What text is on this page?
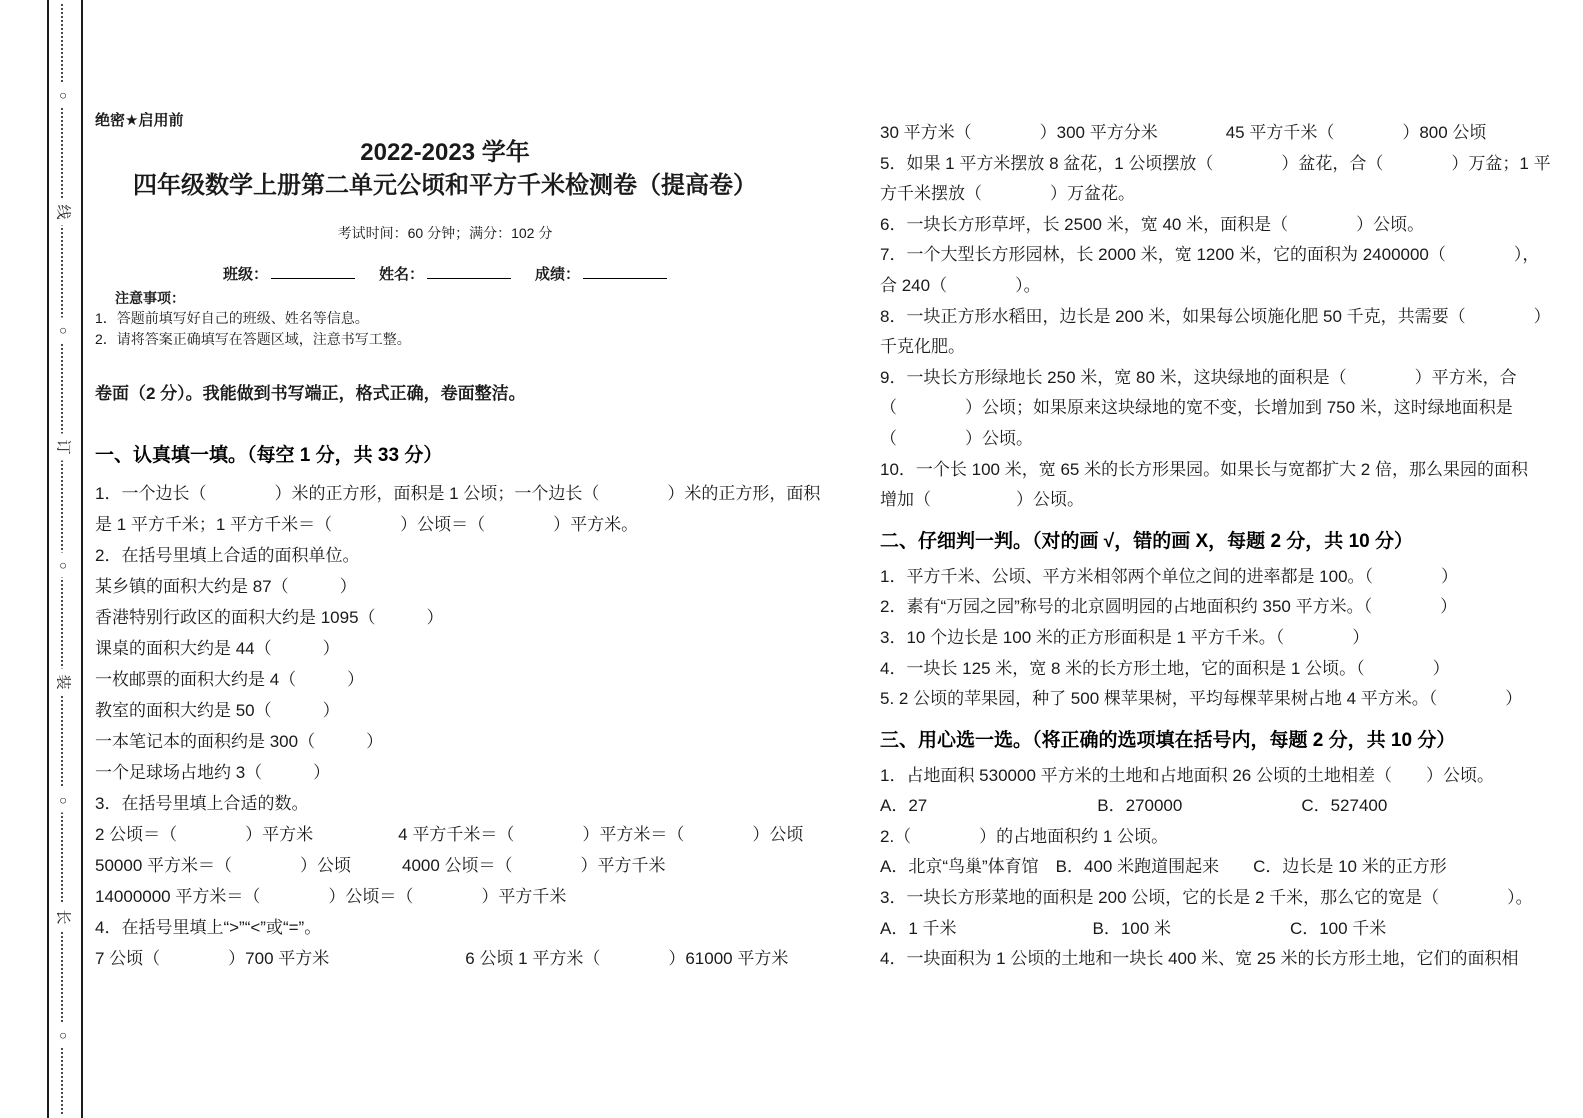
○
线
○
订
○
装
○
长
○
绝密★启用前
2022-2023 学年
四年级数学上册第二单元公顷和平方千米检测卷（提高卷）
考试时间：60 分钟；满分：102 分
班级：	姓名：	成绩：
注意事项：
1．答题前填写好自己的班级、姓名等信息。
2．请将答案正确填写在答题区域，注意书写工整。
卷面（2 分）。我能做到书写端正，格式正确，卷面整洁。
一、认真填一填。（每空 1 分，共 33 分）
1．一个边长（　　　　）米的正方形，面积是 1 公顷；一个边长（　　　　）米的正方形，面积
是 1 平方千米；1 平方千米＝（　　　　）公顷＝（　　　　）平方米。
2．在括号里填上合适的面积单位。
某乡镇的面积大约是 87（　　　）
香港特别行政区的面积大约是 1095（　　　）
课桌的面积大约是 44（　　　）
一枚邮票的面积大约是 4（　　　）
教室的面积大约是 50（　　　）
一本笔记本的面积约是 300（　　　）
一个足球场占地约 3（　　　）
3．在括号里填上合适的数。
2 公顷＝（　　　　）平方米　　　　　4 平方千米＝（　　　　）平方米＝（　　　　）公顷
50000 平方米＝（　　　　）公顷　　　4000 公顷＝（　　　　）平方千米
14000000 平方米＝（　　　　）公顷＝（　　　　）平方千米
4．在括号里填上“>”“<”或“=”。
7 公顷（　　　　）700 平方米　　　　　　　　6 公顷 1 平方米（　　　　）61000 平方米
30 平方米（　　　　）300 平方分米　　　　45 平方千米（　　　　）800 公顷
5．如果 1 平方米摆放 8 盆花，1 公顷摆放（　　　　）盆花，合（　　　　）万盆；1 平
方千米摆放（　　　　）万盆花。
6．一块长方形草坪，长 2500 米，宽 40 米，面积是（　　　　）公顷。
7．一个大型长方形园林，长 2000 米，宽 1200 米，它的面积为 2400000（　　　　），
合 240（　　　　）。
8．一块正方形水稻田，边长是 200 米，如果每公顷施化肥 50 千克，共需要（　　　　）
千克化肥。
9．一块长方形绿地长 250 米，宽 80 米，这块绿地的面积是（　　　　）平方米，合
（　　　　）公顷；如果原来这块绿地的宽不变，长增加到 750 米，这时绿地面积是
（　　　　）公顷。
10．一个长 100 米，宽 65 米的长方形果园。如果长与宽都扩大 2 倍，那么果园的面积
增加（　　　　　）公顷。
二、仔细判一判。（对的画 √，错的画 X，每题 2 分，共 10 分）
1．平方千米、公顷、平方米相邻两个单位之间的进率都是 100。（　　　　）
2．素有“万园之园”称号的北京圆明园的占地面积约 350 平方米。（　　　　）
3．10 个边长是 100 米的正方形面积是 1 平方千米。（　　　　）
4．一块长 125 米，宽 8 米的长方形土地，它的面积是 1 公顷。（　　　　）
5. 2 公顷的苹果园，种了 500 棵苹果树，平均每棵苹果树占地 4 平方米。（　　　　）
三、用心选一选。（将正确的选项填在括号内，每题 2 分，共 10 分）
1．占地面积 530000 平方米的土地和占地面积 26 公顷的土地相差（　　）公顷。
A．27　　　　　　　　　　B．270000　　　　　　　C．527400
2.（　　　　）的占地面积约 1 公顷。
A．北京“鸟巢”体育馆　B．400 米跑道围起来　　C．边长是 10 米的正方形
3．一块长方形菜地的面积是 200 公顷，它的长是 2 千米，那么它的宽是（　　　　）。
A．1 千米　　　　　　　　B．100 米　　　　　　　C．100 千米
4．一块面积为 1 公顷的土地和一块长 400 米、宽 25 米的长方形土地，它们的面积相
